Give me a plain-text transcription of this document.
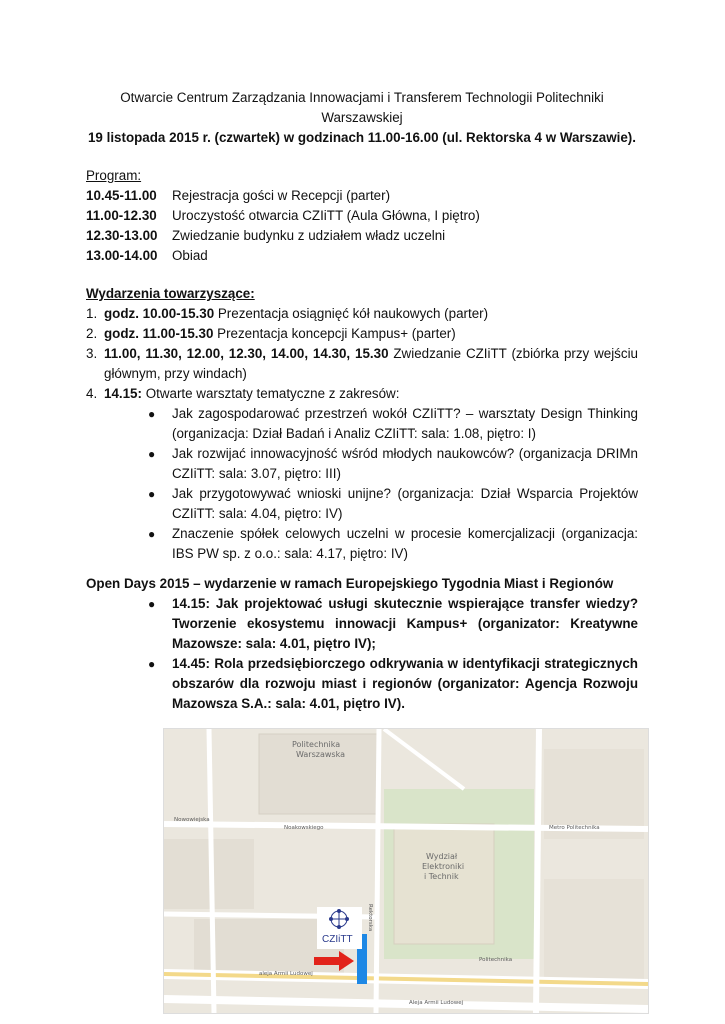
Otwarcie Centrum Zarządzania Innowacjami i Transferem Technologii Politechniki
Warszawskiej
19 listopada 2015 r. (czwartek) w godzinach 11.00-16.00 (ul. Rektorska 4 w Warszawie).
Program:
10.45-11.00 Rejestracja gości w Recepcji (parter)
11.00-12.30 Uroczystość otwarcia CZIiTT (Aula Główna, I piętro)
12.30-13.00 Zwiedzanie budynku z udziałem władz uczelni
13.00-14.00 Obiad
Wydarzenia towarzyszące:
1. godz. 10.00-15.30 Prezentacja osiągnięć kół naukowych (parter)
2. godz. 11.00-15.30 Prezentacja koncepcji Kampus+ (parter)
3. 11.00, 11.30, 12.00, 12.30, 14.00, 14.30, 15.30 Zwiedzanie CZIiTT (zbiórka przy wejściu głównym, przy windach)
4. 14.15: Otwarte warsztaty tematyczne z zakresów:
● Jak zagospodarować przestrzeń wokół CZIiTT? – warsztaty Design Thinking (organizacja: Dział Badań i Analiz CZIiTT: sala: 1.08, piętro: I)
● Jak rozwijać innowacyjność wśród młodych naukowców? (organizacja DRIMn CZIiTT: sala: 3.07, piętro: III)
● Jak przygotowywać wnioski unijne? (organizacja: Dział Wsparcia Projektów CZIiTT: sala: 4.04, piętro: IV)
● Znaczenie spółek celowych uczelni w procesie komercjalizacji (organizacja: IBS PW sp. z o.o.: sala: 4.17, piętro: IV)
Open Days 2015 – wydarzenie w ramach Europejskiego Tygodnia Miast i Regionów
● 14.15: Jak projektować usługi skutecznie wspierające transfer wiedzy? Tworzenie ekosystemu innowacji Kampus+ (organizator: Kreatywne Mazowsze: sala: 4.01, piętro IV);
● 14.45: Rola przedsiębiorczego odkrywania w identyfikacji strategicznych obszarów dla rozwoju miast i regionów (organizator: Agencja Rozwoju Mazowsza S.A.: sala: 4.01, piętro IV).
Politechnika
Warszawska
Wydział
Elektroniki
i Technik
Noakowskiego
Nowowiejska
Rektorska
aleja Armii Ludowej
Aleja Armii Ludowej
Politechnika
Metro Politechnika
CZIiTT
